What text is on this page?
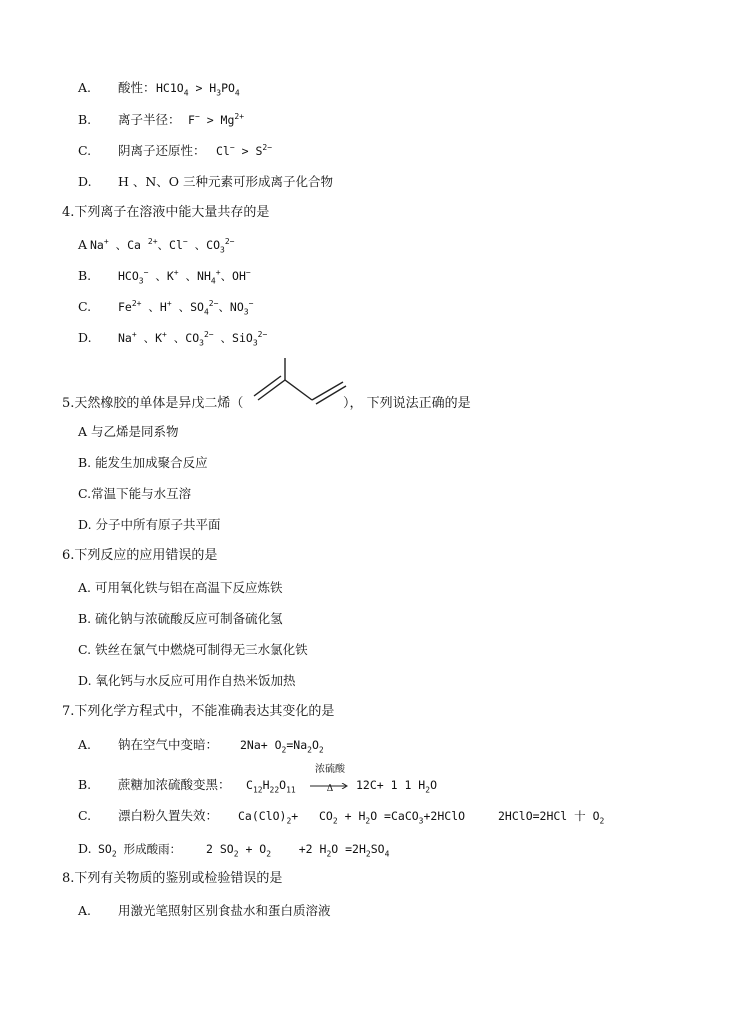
A. 酸性： $HC1O_4 > H_3PO_4$
B. 离子半径： $F^- > Mg^{2+}$
C. 阴离子还原性： $Cl^- > S^{2-}$
D. H 、N、O 三种元素可形成离子化合物
4.下列离子在溶液中能大量共存的是
A Na+ 、Ca $^{2+}$、Cl− 、$CO_3^{2-}$
B. $HCO_3^-$ 、K+ 、$NH_4^+$、OH−
C. $Fe^{2+}$ 、H+ 、$SO_4^{2-}$、$NO_3^-$
D. Na+ 、K+ 、$CO_3^{2-}$ 、SiO$_3^{2-}$
5.天然橡胶的单体是异戊二烯（	）， 下列说法正确的是
A 与乙烯是同系物
B. 能发生加成聚合反应
C.常温下能与水互溶
D. 分子中所有原子共平面
6.下列反应的应用错误的是
A. 可用氧化铁与铝在高温下反应炼铁
B. 硫化钠与浓硫酸反应可制备硫化氢
C. 铁丝在氯气中燃烧可制得无三水氯化铁
D. 氧化钙与水反应可用作自热米饭加热
7.下列化学方程式中，不能准确表达其变化的是
A. 钠在空气中变暗： $2Na+ O_2=Na_2O_2$
B. 蔗糖加浓硫酸变黑： $C_{12}H_{22}O_{11}$
浓硫酸
Δ	12C+ 1 1 $H_2O$
C. 漂白粉久置失效： $Ca(ClO)_2+ CO_2 + H_2O$ =CaCO$_3$+2HClO	2HClO=2HCl 十 $O_2$
D. $SO_2$ 形成酸雨： 2 $SO_2 + O_2$    +2 $H_2O =2H_2SO_4$
8.下列有关物质的鉴别或检验错误的是
A. 用激光笔照射区别食盐水和蛋白质溶液
